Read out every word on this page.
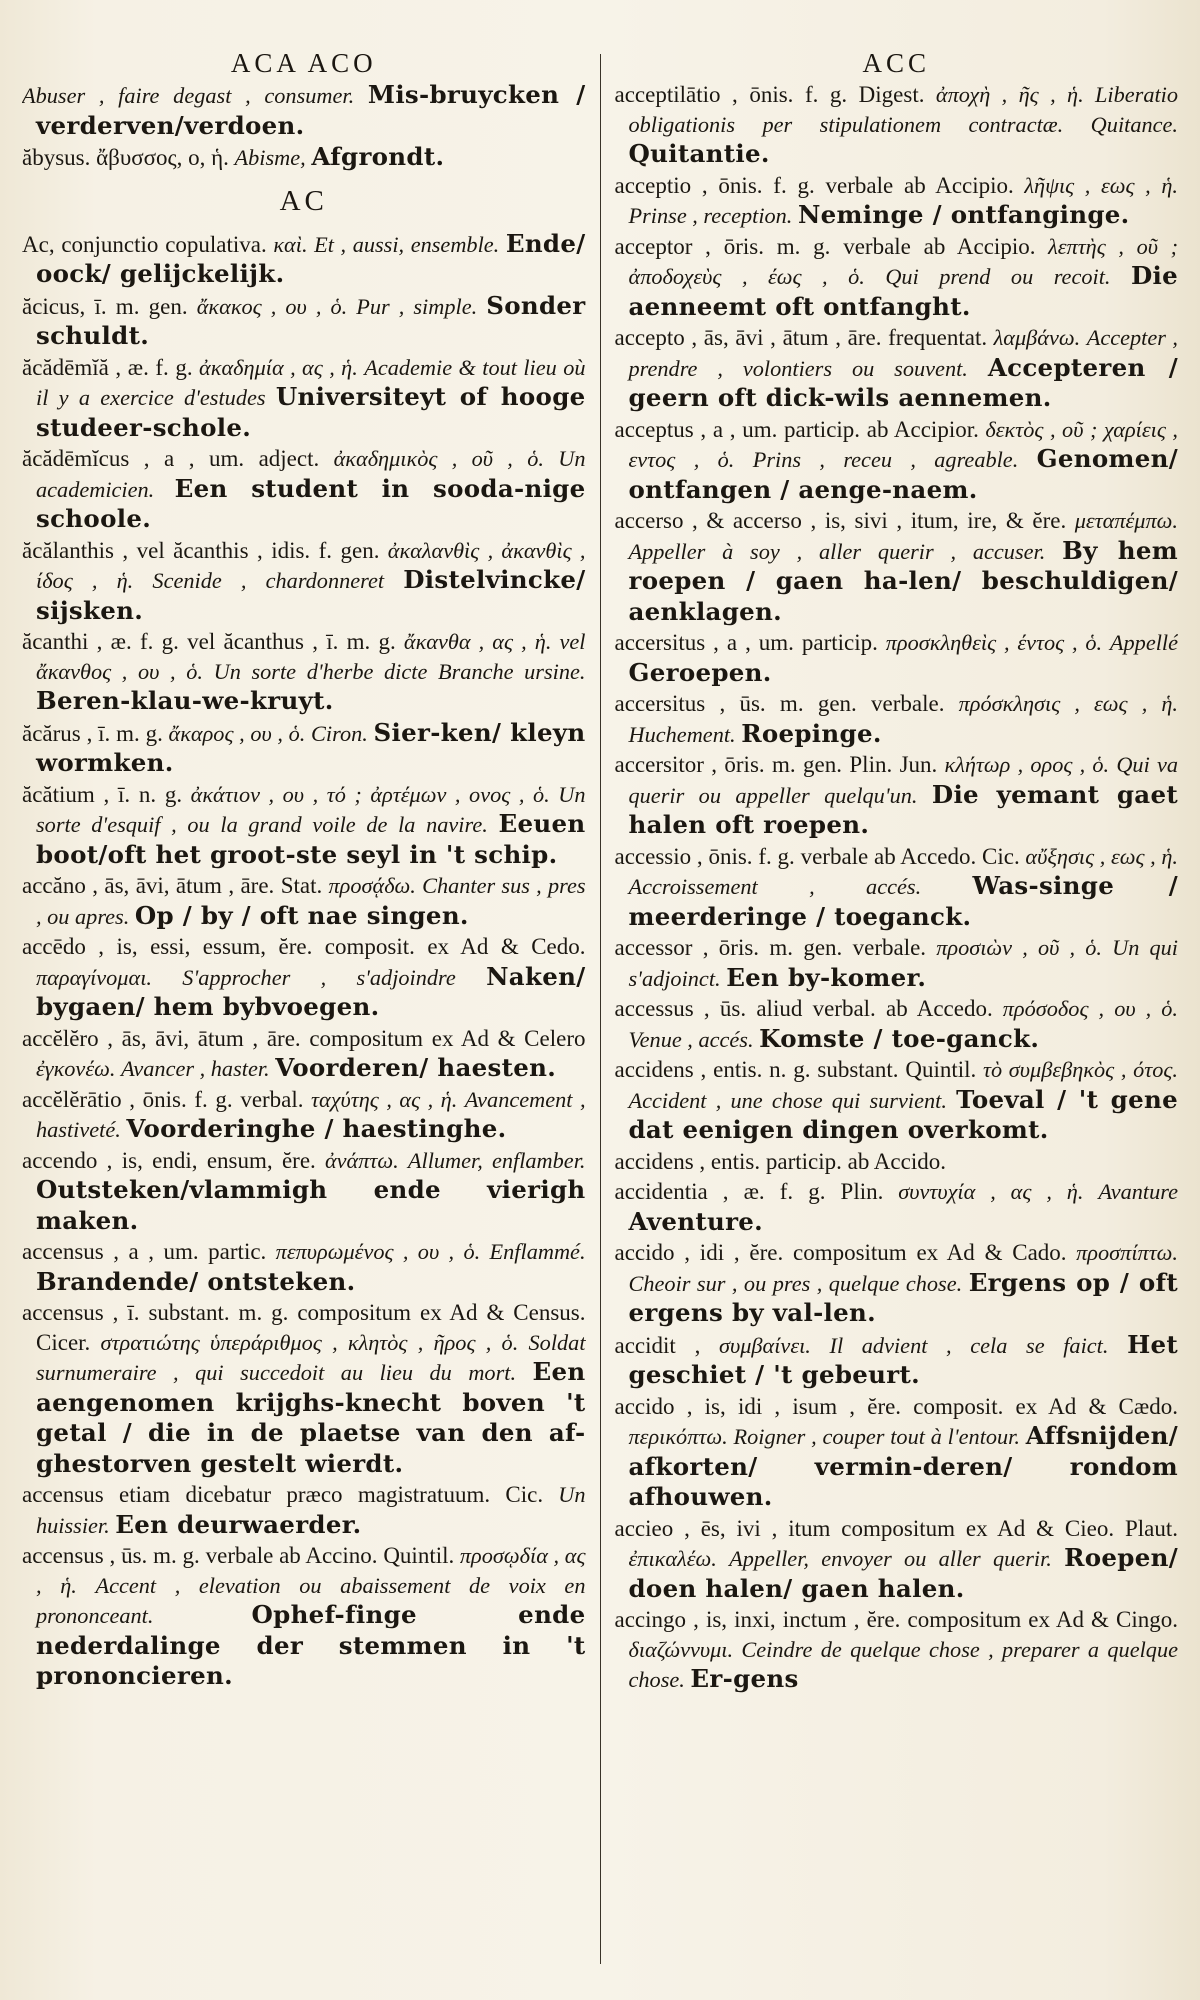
ACA ACO

Abuser , faire degast , consumer. Mis-bruycken / verderven/verdoen.

ăbysus. ἄβυσσος, ο, ἡ. Abisme, Afgrondt.

AC

Ac, conjunctio copulativa. καὶ. Et , aussi, ensemble. Ende/ oock/ gelijckelijk.

ăcicus, ī. m. gen. ἄκακος , ου , ὁ. Pur , simple. Sonder schuldt.

ăcădēmĭă , æ. f. g. ἀκαδημία , ας , ἡ. Academie & tout lieu où il y a exercice d'estudes Universiteyt of hooge studeer-schole.

ăcădēmĭcus , a , um. adject. ἀκαδημικὸς , οῦ , ὁ. Un academicien. Een student in sooda-nige schoole.

ăcălanthis , vel ăcanthis , idis. f. gen. ἀκαλανθὶς , ἀκανθὶς , ίδος , ἡ. Scenide , chardonneret Distelvincke/ sijsken.

ăcanthi , æ. f. g. vel ăcanthus , ī. m. g. ἄκανθα , ας , ἡ. vel ἄκανθος , ου , ὁ. Un sorte d'herbe dicte Branche ursine. Beren-klau-we-kruyt.

ăcărus , ī. m. g. ἄκαρος , ου , ὁ. Ciron. Sier-ken/ kleyn wormken.

ăcătium , ī. n. g. ἀκάτιον , ου , τό ; ἀρτέμων , ονος , ὁ. Un sorte d'esquif , ou la grand voile de la navire. Eeuen boot/oft het groot-ste seyl in 't schip.

accăno , ās, āvi, ātum , āre. Stat. προσᾴδω. Chanter sus , pres , ou apres. Op / by / oft nae singen.

accēdo , is, essi, essum, ĕre. composit. ex Ad & Cedo. παραγίνομαι. S'approcher , s'adjoindre Naken/ bygaen/ hem bybvoegen.

accĕlĕro , ās, āvi, ātum , āre. compositum ex Ad & Celero ἐγκονέω. Avancer , haster. Voorderen/ haesten.

accĕlĕrātio , ōnis. f. g. verbal. ταχύτης , ας , ἡ. Avancement , hastiveté. Voorderinghe / haestinghe.

accendo , is, endi, ensum, ĕre. ἀνάπτω. Allumer, enflamber. Outsteken/vlammigh ende vierigh maken.

accensus , a , um. partic. πεπυρωμένος , ου , ὁ. Enflammé. Brandende/ ontsteken.

accensus , ī. substant. m. g. compositum ex Ad & Census. Cicer. στρατιώτης ὑπεράριθμος , κλητὸς , ῆρος , ὁ. Soldat surnumeraire , qui succedoit au lieu du mort. Een aengenomen krijghs-knecht boven 't getal / die in de plaetse van den af-ghestorven gestelt wierdt.

accensus etiam dicebatur præco magistratuum. Cic. Un huissier. Een deurwaerder.

accensus , ūs. m. g. verbale ab Accino. Quintil. προσῳδία , ας , ἡ. Accent , elevation ou abaissement de voix en prononceant.	Ophef-finge ende nederdalinge der stemmen in 't prononcieren.

ACC

acceptilātio , ōnis. f. g. Digest. ἀποχὴ , ῆς , ἡ. Liberatio obligationis per stipulationem contractæ. Quitance. Quitantie.

acceptio , ōnis. f. g. verbale ab Accipio. λῆψις , εως , ἡ. Prinse , reception. Neminge / ontfanginge.

acceptor , ōris. m. g. verbale ab Accipio. λεπτὴς , οῦ ; ἀποδοχεὺς , έως , ὁ. Qui prend ou recoit. Die aenneemt oft ontfanght.

accepto , ās, āvi , ātum , āre. frequentat. λαμβάνω. Accepter , prendre , volontiers ou souvent. Accepteren / geern oft dick-wils aennemen.

acceptus , a , um. particip. ab Accipior. δεκτὸς , οῦ ; χαρίεις , εντος , ὁ. Prins , receu , agreable. Genomen/ ontfangen / aenge-naem.

accerso , & accerso , is, sivi , itum, ire, & ĕre. μεταπέμπω. Appeller à soy , aller querir , accuser. By hem roepen / gaen ha-len/ beschuldigen/ aenklagen.

accersitus , a , um. particip. προσκληθεὶς , έντος , ὁ. Appellé Geroepen.

accersitus , ūs. m. gen. verbale. πρόσκλησις , εως , ἡ. Huchement. Roepinge.

accersitor , ōris. m. gen. Plin. Jun. κλήτωρ , ορος , ὁ. Qui va querir ou appeller quelqu'un. Die yemant gaet halen oft roepen.

accessio , ōnis. f. g. verbale ab Accedo. Cic. αὔξησις , εως , ἡ. Accroissement , accés. Was-singe / meerderinge / toeganck.

accessor , ōris. m. gen. verbale. προσιὼν , οῦ , ὁ. Un qui s'adjoinct. Een by-komer.

accessus , ūs. aliud verbal. ab Accedo. πρόσοδος , ου , ὁ. Venue , accés. Komste / toe-ganck.

accidens , entis. n. g. substant. Quintil. τὸ συμβεβηκὸς , ότος. Accident , une chose qui survient. Toeval / 't gene dat eenigen dingen overkomt.

accidens , entis. particip. ab Accido.

accidentia , æ. f. g. Plin. συντυχία , ας , ἡ. Avanture Aventure.

accido , idi , ĕre. compositum ex Ad & Cado. προσπίπτω. Cheoir sur , ou pres , quelque chose. Ergens op / oft ergens by val-len.

accidit , συμβαίνει. Il advient , cela se faict. Het geschiet / 't gebeurt.

accido , is, idi , isum , ĕre. composit. ex Ad & Cædo. περικόπτω. Roigner , couper tout à l'entour. Affsnijden/ afkorten/ vermin-deren/ rondom afhouwen.

accieo , ēs, ivi , itum compositum ex Ad & Cieo. Plaut. ἐπικαλέω. Appeller, envoyer ou aller querir. Roepen/ doen halen/ gaen halen.

accingo , is, inxi, inctum , ĕre. compositum ex Ad & Cingo. διαζώννυμι. Ceindre de quelque chose , preparer a quelque chose. Er-gens
